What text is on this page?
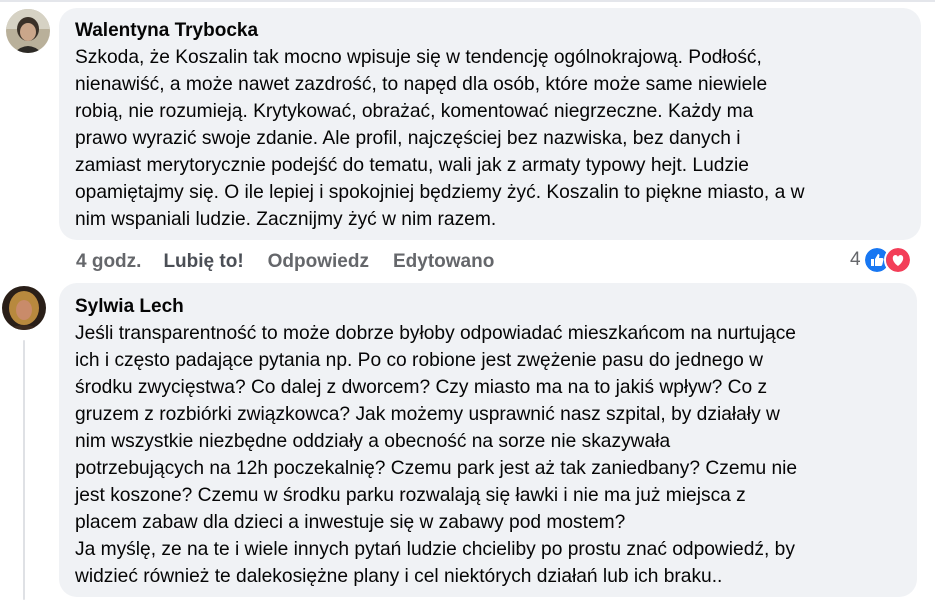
Walentyna Trybocka

Szkoda, że Koszalin tak mocno wpisuje się w tendencję ogólnokrajową. Podłość,
nienawiść, a może nawet zazdrość, to napęd dla osób, które może same niewiele
robią, nie rozumieją. Krytykować, obrażać, komentować niegrzeczne. Każdy ma
prawo wyrazić swoje zdanie. Ale profil, najczęściej bez nazwiska, bez danych i
zamiast merytorycznie podejść do tematu, wali jak z armaty typowy hejt. Ludzie
opamiętajmy się. O ile lepiej i spokojniej będziemy żyć. Koszalin to piękne miasto, a w
nim wspaniali ludzie. Zacznijmy żyć w nim razem.

4 godz. Lubię to! Odpowiedz Edytowano	4
Sylwia Lech

Jeśli transparentność to może dobrze byłoby odpowiadać mieszkańcom na nurtujące
ich i często padające pytania np. Po co robione jest zwężenie pasu do jednego w
środku zwycięstwa? Co dalej z dworcem? Czy miasto ma na to jakiś wpływ? Co z
gruzem z rozbiórki związkowca? Jak możemy usprawnić nasz szpital, by działały w
nim wszystkie niezbędne oddziały a obecność na sorze nie skazywała
potrzebujących na 12h poczekalnię? Czemu park jest aż tak zaniedbany? Czemu nie
jest koszone? Czemu w środku parku rozwalają się ławki i nie ma już miejsca z
placem zabaw dla dzieci a inwestuje się w zabawy pod mostem?
Ja myślę, ze na te i wiele innych pytań ludzie chcieliby po prostu znać odpowiedź, by
widzieć również te dalekosiężne plany i cel niektórych działań lub ich braku..
